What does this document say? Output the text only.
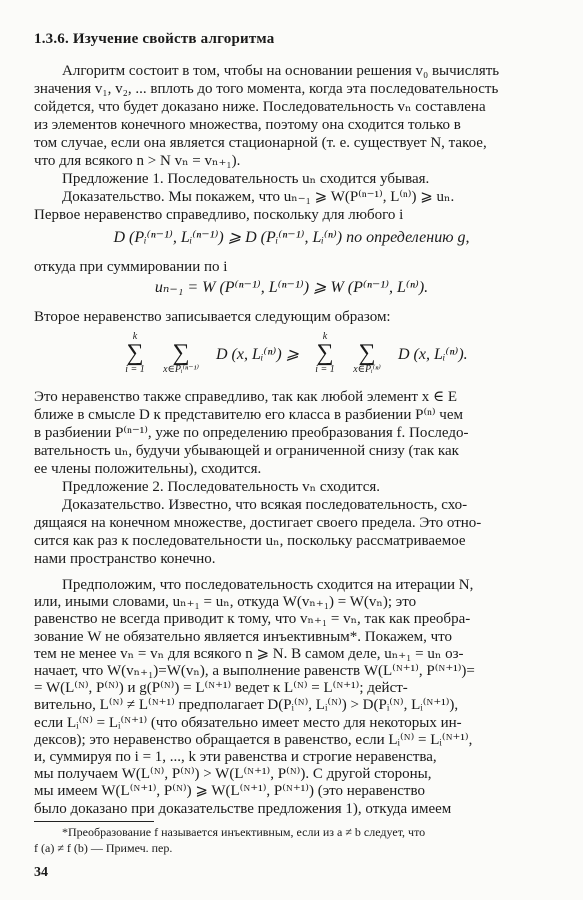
1.3.6. Изучение свойств алгоритма
Алгоритм состоит в том, чтобы на основании решения v₀ вычислять
значения v₁, v₂, ... вплоть до того момента, когда эта последовательность
сойдется, что будет доказано ниже. Последовательность vₙ составлена
из элементов конечного множества, поэтому она сходится только в
том случае, если она является стационарной (т. е. существует N, такое,
что для всякого n > N vₙ = vₙ₊₁).
Предложение 1. Последовательность uₙ сходится убывая.
Доказательство. Мы покажем, что uₙ₋₁ ⩾ W(P⁽ⁿ⁻¹⁾, L⁽ⁿ⁾) ⩾ uₙ.
Первое неравенство справедливо, поскольку для любого i
D (Pᵢ⁽ⁿ⁻¹⁾, Lᵢ⁽ⁿ⁻¹⁾) ⩾ D (Pᵢ⁽ⁿ⁻¹⁾, Lᵢ⁽ⁿ⁾) по определению g,
откуда при суммировании по i
uₙ₋₁ = W (P⁽ⁿ⁻¹⁾, L⁽ⁿ⁻¹⁾) ⩾ W (P⁽ⁿ⁻¹⁾, L⁽ⁿ⁾).
Второе неравенство записывается следующим образом:
k
∑
i = 1

∑
x∈Pᵢ⁽ⁿ⁻¹⁾
D (x, Lᵢ⁽ⁿ⁾) ⩾
k
∑
i = 1

∑
x∈Pᵢ⁽ⁿ⁾
D (x, Lᵢ⁽ⁿ⁾).
Это неравенство также справедливо, так как любой элемент x ∈ E
ближе в смысле D к представителю его класса в разбиении P⁽ⁿ⁾ чем
в разбиении P⁽ⁿ⁻¹⁾, уже по определению преобразования f. Последо-
вательность uₙ, будучи убывающей и ограниченной снизу (так как
ее члены положительны), сходится.
Предложение 2. Последовательность vₙ сходится.
Доказательство. Известно, что всякая последовательность, схо-
дящаяся на конечном множестве, достигает своего предела. Это отно-
сится как раз к последовательности uₙ, поскольку рассматриваемое
нами пространство конечно.
Предположим, что последовательность сходится на итерации N,
или, иными словами, uₙ₊₁ = uₙ, откуда W(vₙ₊₁) = W(vₙ); это
равенство не всегда приводит к тому, что vₙ₊₁ = vₙ, так как преобра-
зование W не обязательно является инъективным*. Покажем, что
тем не менее vₙ = vₙ для всякого n ⩾ N. В самом деле, uₙ₊₁ = uₙ оз-
начает, что W(vₙ₊₁)=W(vₙ), а выполнение равенств W(L⁽ᴺ⁺¹⁾, P⁽ᴺ⁺¹⁾)=
= W(L⁽ᴺ⁾, P⁽ᴺ⁾) и g(P⁽ᴺ⁾) = L⁽ᴺ⁺¹⁾ ведет к L⁽ᴺ⁾ = L⁽ᴺ⁺¹⁾; дейст-
вительно, L⁽ᴺ⁾ ≠ L⁽ᴺ⁺¹⁾ предполагает D(Pᵢ⁽ᴺ⁾, Lᵢ⁽ᴺ⁾) > D(Pᵢ⁽ᴺ⁾, Lᵢ⁽ᴺ⁺¹⁾),
если Lᵢ⁽ᴺ⁾ = Lᵢ⁽ᴺ⁺¹⁾ (что обязательно имеет место для некоторых ин-
дексов); это неравенство обращается в равенство, если Lᵢ⁽ᴺ⁾ = Lᵢ⁽ᴺ⁺¹⁾,
и, суммируя по i = 1, ..., k эти равенства и строгие неравенства,
мы получаем W(L⁽ᴺ⁾, P⁽ᴺ⁾) > W(L⁽ᴺ⁺¹⁾, P⁽ᴺ⁾). С другой стороны,
мы имеем W(L⁽ᴺ⁺¹⁾, P⁽ᴺ⁾) ⩾ W(L⁽ᴺ⁺¹⁾, P⁽ᴺ⁺¹⁾) (это неравенство
было доказано при доказательстве предложения 1), откуда имеем
*Преобразование f называется инъективным, если из a ≠ b следует, что
f (a) ≠ f (b) — Примеч. пер.
34
